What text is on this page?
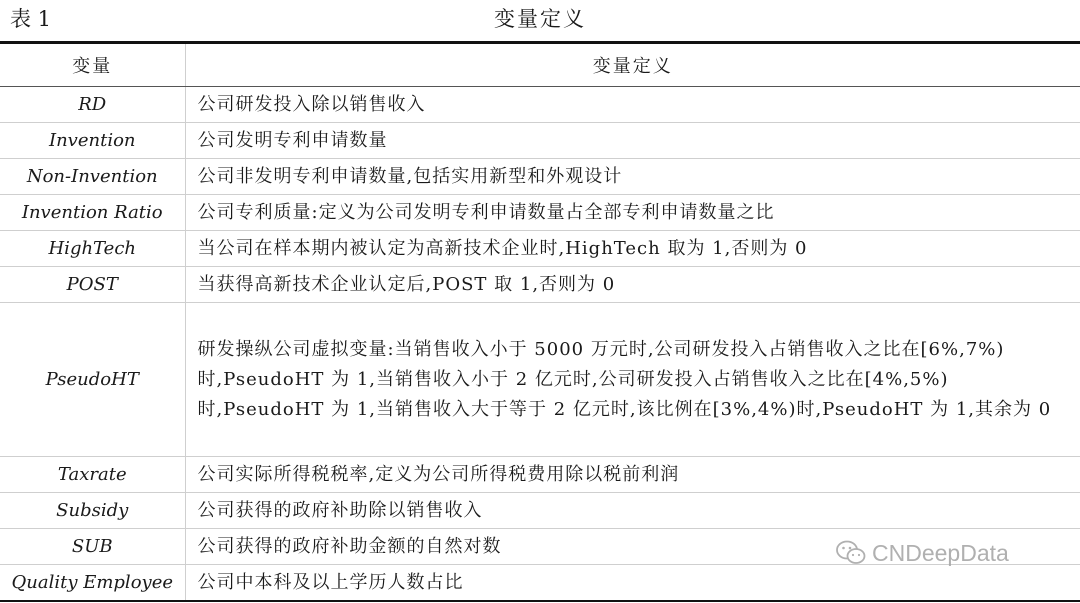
表 1	变量定义
变量	变量定义
RD	公司研发投入除以销售收入
Invention	公司发明专利申请数量
Non-Invention	公司非发明专利申请数量,包括实用新型和外观设计
Invention Ratio	公司专利质量:定义为公司发明专利申请数量占全部专利申请数量之比
HighTech	当公司在样本期内被认定为高新技术企业时,HighTech 取为 1,否则为 0
POST	当获得高新技术企业认定后,POST 取 1,否则为 0
PseudoHT	研发操纵公司虚拟变量:当销售收入小于 5000 万元时,公司研发投入占销售收入之比在[6%,7%)时,PseudoHT 为 1,当销售收入小于 2 亿元时,公司研发投入占销售收入之比在[4%,5%)时,PseudoHT 为 1,当销售收入大于等于 2 亿元时,该比例在[3%,4%)时,PseudoHT 为 1,其余为 0
Taxrate	公司实际所得税税率,定义为公司所得税费用除以税前利润
Subsidy	公司获得的政府补助除以销售收入
SUB	公司获得的政府补助金额的自然对数
Quality Employee	公司中本科及以上学历人数占比
CNDeepData
